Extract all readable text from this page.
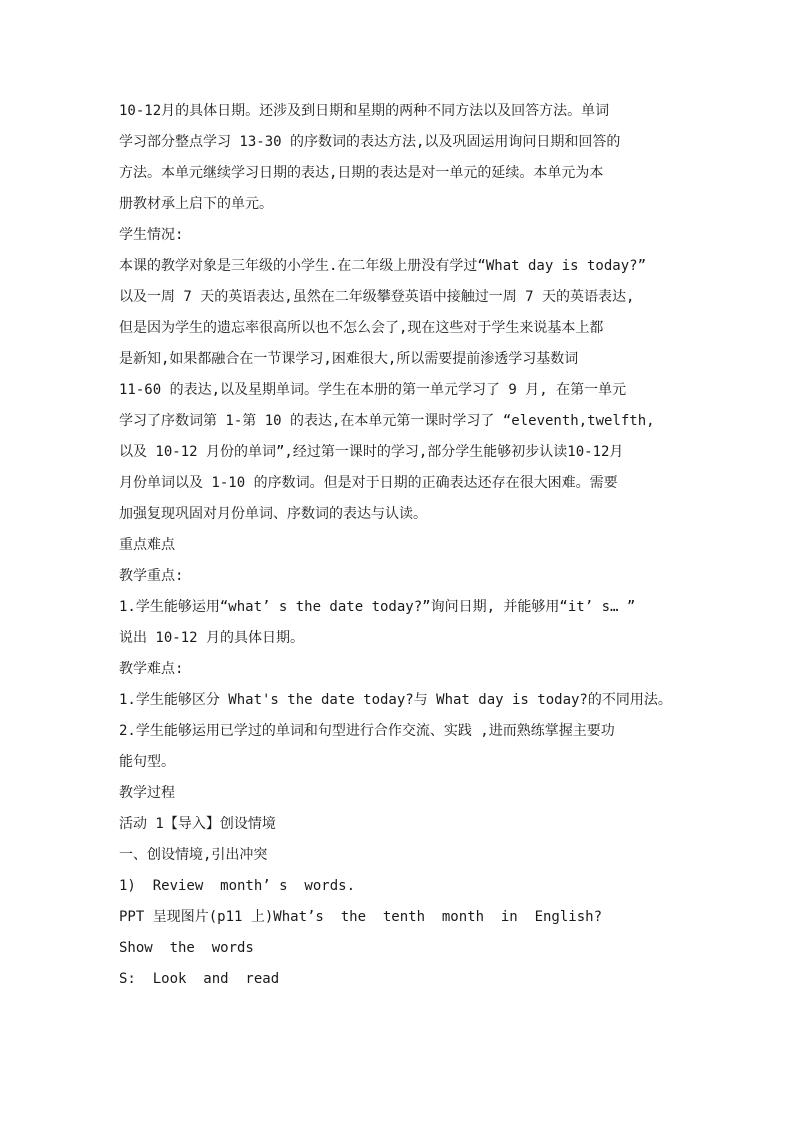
10-12月的具体日期。还涉及到日期和星期的两种不同方法以及回答方法。单词
学习部分整点学习 13-30 的序数词的表达方法,以及巩固运用询问日期和回答的
方法。本单元继续学习日期的表达,日期的表达是对一单元的延续。本单元为本
册教材承上启下的单元。
学生情况:
本课的教学对象是三年级的小学生.在二年级上册没有学过“What day is today?”
以及一周 7 天的英语表达,虽然在二年级攀登英语中接触过一周 7 天的英语表达,
但是因为学生的遗忘率很高所以也不怎么会了,现在这些对于学生来说基本上都
是新知,如果都融合在一节课学习,困难很大,所以需要提前渗透学习基数词
11-60 的表达,以及星期单词。学生在本册的第一单元学习了 9 月, 在第一单元
学习了序数词第 1-第 10 的表达,在本单元第一课时学习了 “eleventh,twelfth,
以及 10-12 月份的单词”,经过第一课时的学习,部分学生能够初步认读10-12月
月份单词以及 1-10 的序数词。但是对于日期的正确表达还存在很大困难。需要
加强复现巩固对月份单词、序数词的表达与认读。
重点难点
教学重点:
1.学生能够运用“what’ s the date today?”询问日期, 并能够用“it’ s… ”
说出 10-12 月的具体日期。
教学难点:
1.学生能够区分 What's the date today?与 What day is today?的不同用法。
2.学生能够运用已学过的单词和句型进行合作交流、实践 ,进而熟练掌握主要功
能句型。
教学过程
活动 1【导入】创设情境
一、创设情境,引出冲突
1)  Review  month’ s  words.
PPT 呈现图片(p11 上)What’s  the  tenth  month  in  English?
Show  the  words
S:  Look  and  read
